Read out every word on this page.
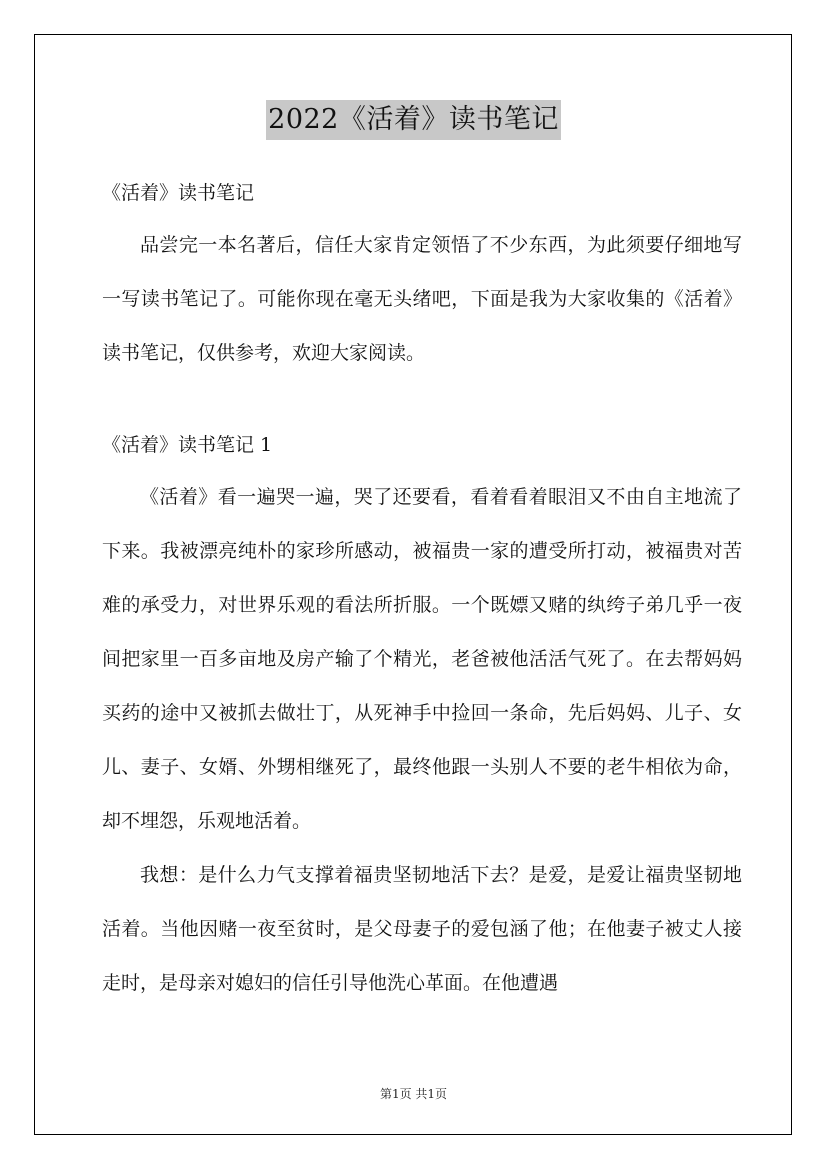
2022《活着》读书笔记

《活着》读书笔记

品尝完一本名著后，信任大家肯定领悟了不少东西，为此须要仔细地写一写读书笔记了。可能你现在毫无头绪吧，下面是我为大家收集的《活着》读书笔记，仅供参考，欢迎大家阅读。

《活着》读书笔记 1

《活着》看一遍哭一遍，哭了还要看，看着看着眼泪又不由自主地流了下来。我被漂亮纯朴的家珍所感动，被福贵一家的遭受所打动，被福贵对苦难的承受力，对世界乐观的看法所折服。一个既嫖又赌的纨绔子弟几乎一夜间把家里一百多亩地及房产输了个精光，老爸被他活活气死了。在去帮妈妈买药的途中又被抓去做壮丁，从死神手中捡回一条命，先后妈妈、儿子、女儿、妻子、女婿、外甥相继死了，最终他跟一头别人不要的老牛相依为命，却不埋怨，乐观地活着。

我想：是什么力气支撑着福贵坚韧地活下去？是爱，是爱让福贵坚韧地活着。当他因赌一夜至贫时，是父母妻子的爱包涵了他；在他妻子被丈人接走时，是母亲对媳妇的信任引导他洗心革面。在他遭遇

第1页 共1页
